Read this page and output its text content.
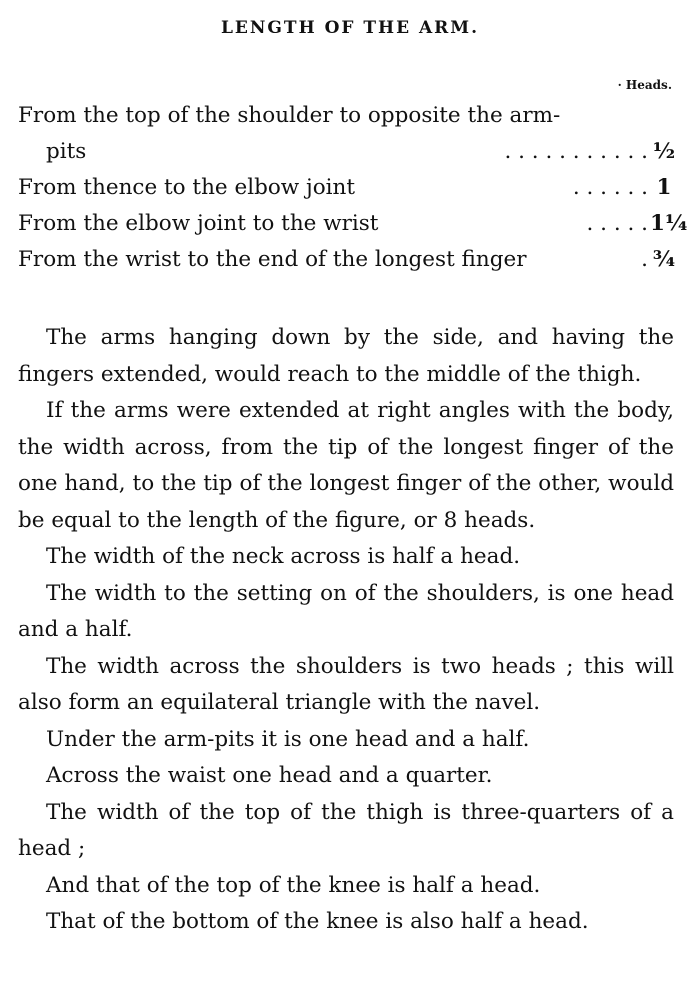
LENGTH OF THE ARM.
· Heads.
From the top of the shoulder to opposite the arm-
pits	. . . . . . . . . . . ½
From thence to the elbow joint	. . . . . . 1
From the elbow joint to the wrist	. . . . . 1¼
From the wrist to the end of the longest finger	. ¾

The arms hanging down by the side, and having the fingers extended, would reach to the middle of the thigh.

If the arms were extended at right angles with the body, the width across, from the tip of the longest finger of the one hand, to the tip of the longest finger of the other, would be equal to the length of the figure, or 8 heads.

The width of the neck across is half a head.

The width to the setting on of the shoulders, is one head and a half.

The width across the shoulders is two heads ; this will also form an equilateral triangle with the navel.

Under the arm-pits it is one head and a half.

Across the waist one head and a quarter.

The width of the top of the thigh is three-quarters of a head ;

And that of the top of the knee is half a head.

That of the bottom of the knee is also half a head.
